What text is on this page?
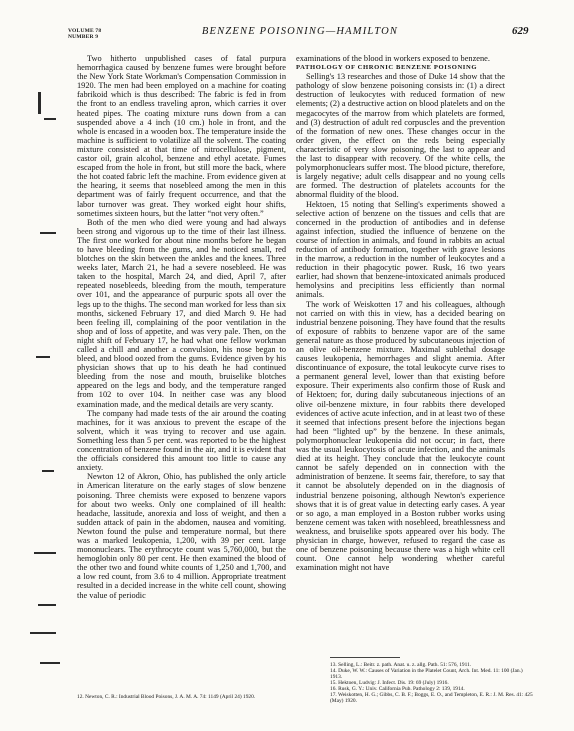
VOLUME 78
NUMBER 9	BENZENE POISONING—HAMILTON	629

Two hitherto unpublished cases of fatal purpura hemorrhagica caused by benzene fumes were brought before the New York State Workman's Compensation Commission in 1920. The men had been employed on a machine for coating fabrikoid which is thus described: The fabric is fed in from the front to an endless traveling apron, which carries it over heated pipes. The coating mixture runs down from a can suspended above a 4 inch (10 cm.) hole in front, and the whole is encased in a wooden box. The temperature inside the machine is sufficient to volatilize all the solvent. The coating mixture consisted at that time of nitrocellulose, pigment, castor oil, grain alcohol, benzene and ethyl acetate. Fumes escaped from the hole in front, but still more the back, where the hot coated fabric left the machine. From evidence given at the hearing, it seems that nosebleed among the men in this department was of fairly frequent occurrence, and that the labor turnover was great. They worked eight hour shifts, sometimes sixteen hours, but the latter “not very often.”

Both of the men who died were young and had always been strong and vigorous up to the time of their last illness. The first one worked for about nine months before he began to have bleeding from the gums, and he noticed small, red blotches on the skin between the ankles and the knees. Three weeks later, March 21, he had a severe nosebleed. He was taken to the hospital, March 24, and died, April 7, after repeated nosebleeds, bleeding from the mouth, temperature over 101, and the appearance of purpuric spots all over the legs up to the thighs. The second man worked for less than six months, sickened February 17, and died March 9. He had been feeling ill, complaining of the poor ventilation in the shop and of loss of appetite, and was very pale. Then, on the night shift of February 17, he had what one fellow workman called a chill and another a convulsion, his nose began to bleed, and blood oozed from the gums. Evidence given by his physician shows that up to his death he had continued bleeding from the nose and mouth, bruiselike blotches appeared on the legs and body, and the temperature ranged from 102 to over 104. In neither case was any blood examination made, and the medical details are very scanty.

The company had made tests of the air around the coating machines, for it was anxious to prevent the escape of the solvent, which it was trying to recover and use again. Something less than 5 per cent. was reported to be the highest concentration of benzene found in the air, and it is evident that the officials considered this amount too little to cause any anxiety.

Newton 12 of Akron, Ohio, has published the only article in American literature on the early stages of slow benzene poisoning. Three chemists were exposed to benzene vapors for about two weeks. Only one complained of ill health: headache, lassitude, anorexia and loss of weight, and then a sudden attack of pain in the abdomen, nausea and vomiting. Newton found the pulse and temperature normal, but there was a marked leukopenia, 1,200, with 39 per cent. large mononuclears. The erythrocyte count was 5,760,000, but the hemoglobin only 80 per cent. He then examined the blood of the other two and found white counts of 1,250 and 1,700, and a low red count, from 3.6 to 4 million. Appropriate treatment resulted in a decided increase in the white cell count, showing the value of periodic

examinations of the blood in workers exposed to benzene.

PATHOLOGY OF CHRONIC BENZENE POISONING

Selling's 13 researches and those of Duke 14 show that the pathology of slow benzene poisoning consists in: (1) a direct destruction of leukocytes with reduced formation of new elements; (2) a destructive action on blood platelets and on the megacocytes of the marrow from which platelets are formed, and (3) destruction of adult red corpuscles and the prevention of the formation of new ones. These changes occur in the order given, the effect on the reds being especially characteristic of very slow poisoning, the last to appear and the last to disappear with recovery. Of the white cells, the polymorphonuclears suffer most. The blood picture, therefore, is largely negative; adult cells disappear and no young cells are formed. The destruction of platelets accounts for the abnormal fluidity of the blood.

Hektoen, 15 noting that Selling's experiments showed a selective action of benzene on the tissues and cells that are concerned in the production of antibodies and in defense against infection, studied the influence of benzene on the course of infection in animals, and found in rabbits an actual reduction of antibody formation, together with grave lesions in the marrow, a reduction in the number of leukocytes and a reduction in their phagocytic power. Rusk, 16 two years earlier, had shown that benzene-intoxicated animals produced hemolysins and precipitins less efficiently than normal animals.

The work of Weiskotten 17 and his colleagues, although not carried on with this in view, has a decided bearing on industrial benzene poisoning. They have found that the results of exposure of rabbits to benzene vapor are of the same general nature as those produced by subcutaneous injection of an olive oil-benzene mixture. Maximal sublethal dosage causes leukopenia, hemorrhages and slight anemia. After discontinuance of exposure, the total leukocyte curve rises to a permanent general level, lower than that existing before exposure. Their experiments also confirm those of Rusk and of Hektoen; for, during daily subcutaneous injections of an olive oil-benzene mixture, in four rabbits there developed evidences of active acute infection, and in at least two of these it seemed that infections present before the injections began had been “lighted up” by the benzene. In these animals, polymorphonuclear leukopenia did not occur; in fact, there was the usual leukocytosis of acute infection, and the animals died at its height. They conclude that the leukocyte count cannot be safely depended on in connection with the administration of benzene. It seems fair, therefore, to say that it cannot be absolutely depended on in the diagnosis of industrial benzene poisoning, although Newton's experience shows that it is of great value in detecting early cases. A year or so ago, a man employed in a Boston rubber works using benzene cement was taken with nosebleed, breathlessness and weakness, and bruiselike spots appeared over his body. The physician in charge, however, refused to regard the case as one of benzene poisoning because there was a high white cell count. One cannot help wondering whether careful examination might not have

12. Newton, C. R.: Industrial Blood Poisons, J. A. M. A. 74: 1149 (April 24) 1920.

13. Selling, L.: Beitr. z. path. Anat. u. z. allg. Path. 51: 576, 1911.

14. Duke, W. W.: Causes of Variation in the Platelet Count, Arch. Int. Med. 11: 100 (Jan.) 1913.

15. Hektoen, Ludvig: J. Infect. Dis. 19: 69 (July) 1916.

16. Rusk, G. Y.: Univ. California Pub. Pathology 2: 139, 1914.

17. Weiskotten, H. G.; Gibbs, C. B. F.; Boggs, E. O., and Templeton, E. R.: J. M. Res. 41: 425 (May) 1920.
